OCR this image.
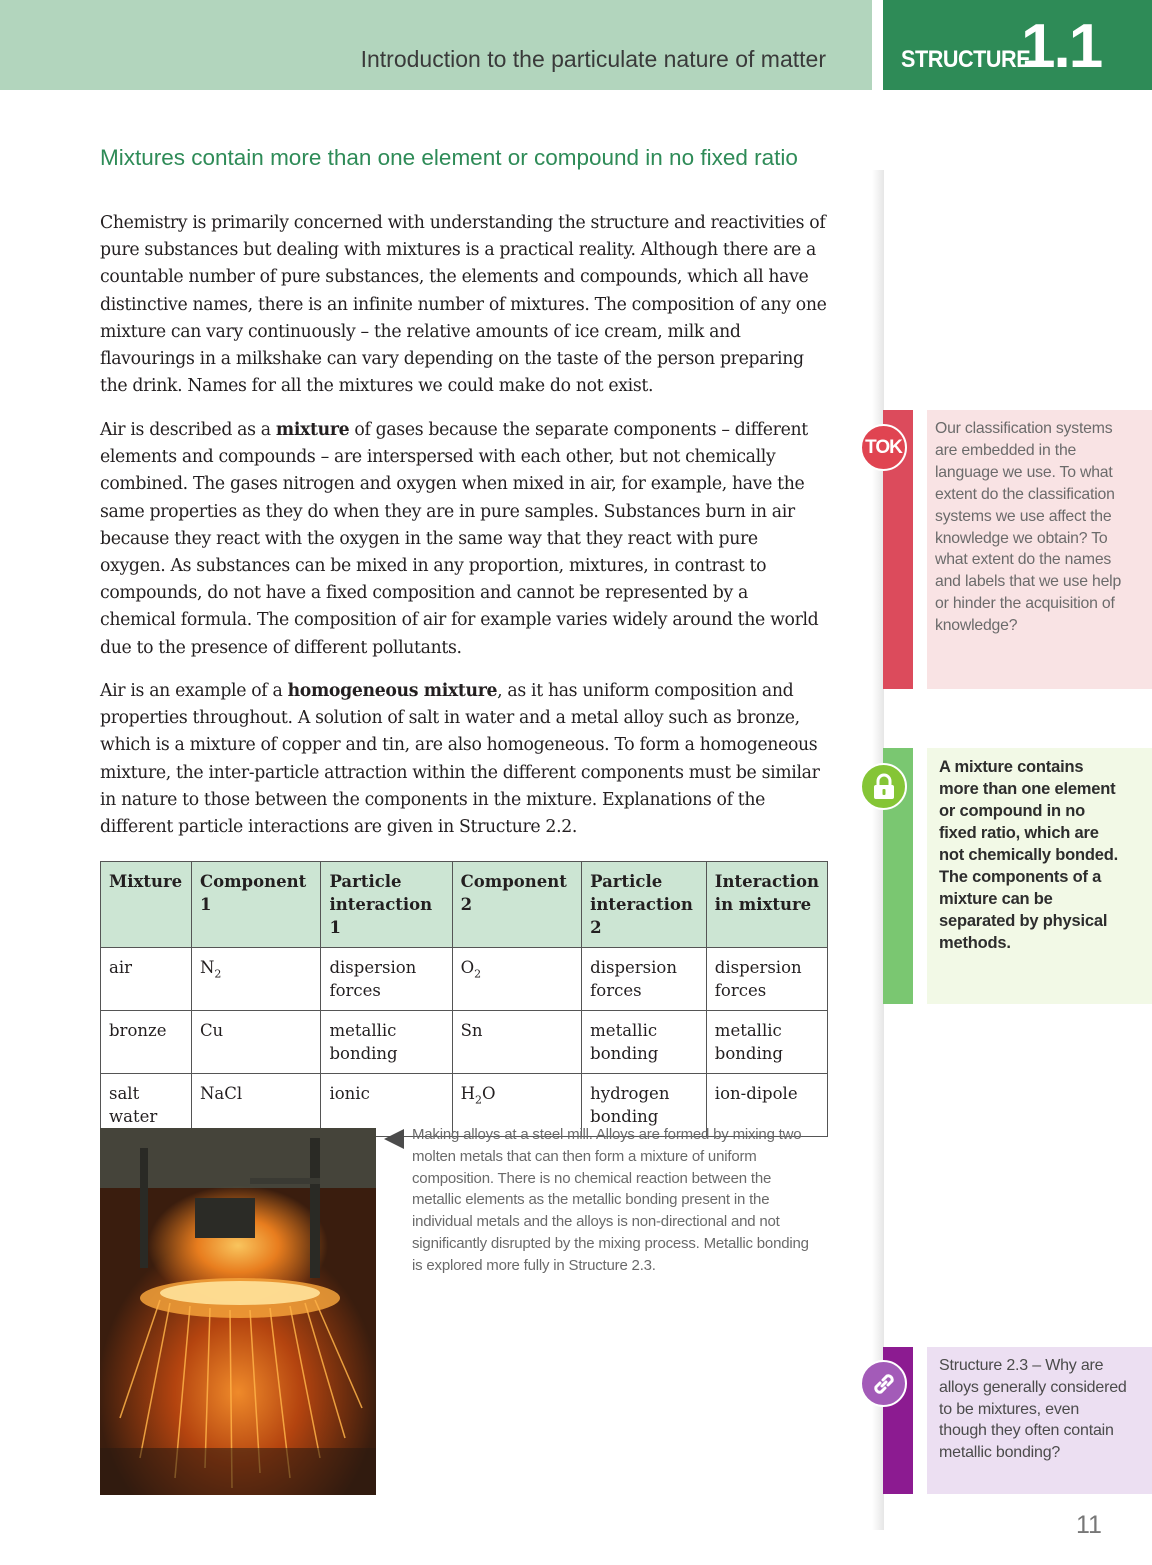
Introduction to the particulate nature of matter	STRUCTURE
1.1
Mixtures contain more than one element or compound in no fixed ratio

Chemistry is primarily concerned with understanding the structure and reactivities of pure substances but dealing with mixtures is a practical reality. Although there are a countable number of pure substances, the elements and compounds, which all have distinctive names, there is an infinite number of mixtures. The composition of any one mixture can vary continuously – the relative amounts of ice cream, milk and flavourings in a milkshake can vary depending on the taste of the person preparing the drink. Names for all the mixtures we could make do not exist.

Air is described as a mixture of gases because the separate components – different elements and compounds – are interspersed with each other, but not chemically combined. The gases nitrogen and oxygen when mixed in air, for example, have the same properties as they do when they are in pure samples. Substances burn in air because they react with the oxygen in the same way that they react with pure oxygen. As substances can be mixed in any proportion, mixtures, in contrast to compounds, do not have a fixed composition and cannot be represented by a chemical formula. The composition of air for example varies widely around the world due to the presence of different pollutants.

Air is an example of a homogeneous mixture, as it has uniform composition and properties throughout. A solution of salt in water and a metal alloy such as bronze, which is a mixture of copper and tin, are also homogeneous. To form a homogeneous mixture, the inter-particle attraction within the different components must be similar in nature to those between the components in the mixture. Explanations of the different particle interactions are given in Structure 2.2.

Mixture	Component 1	Particle interaction 1	Component 2	Particle interaction 2	Interaction in mixture
air	$N_2$	dispersion forces	$O_2$	dispersion forces	dispersion forces
bronze	Cu	metallic bonding	Sn	metallic bonding	metallic bonding
salt water	NaCl	ionic	$H_2O$	hydrogen bonding	ion-dipole

Making alloys at a steel mill. Alloys are formed by mixing two molten metals that can then form a mixture of uniform composition. There is no chemical reaction between the metallic elements as the metallic bonding present in the individual metals and the alloys is non-directional and not significantly disrupted by the mixing process. Metallic bonding is explored more fully in Structure 2.3.

TOK

Our classification systems are embedded in the language we use. To what extent do the classification systems we use affect the knowledge we obtain? To what extent do the names and labels that we use help or hinder the acquisition of knowledge?

A mixture contains more than one element or compound in no fixed ratio, which are not chemically bonded. The components of a mixture can be separated by physical methods.

Structure 2.3 – Why are alloys generally considered to be mixtures, even though they often contain metallic bonding?

11
